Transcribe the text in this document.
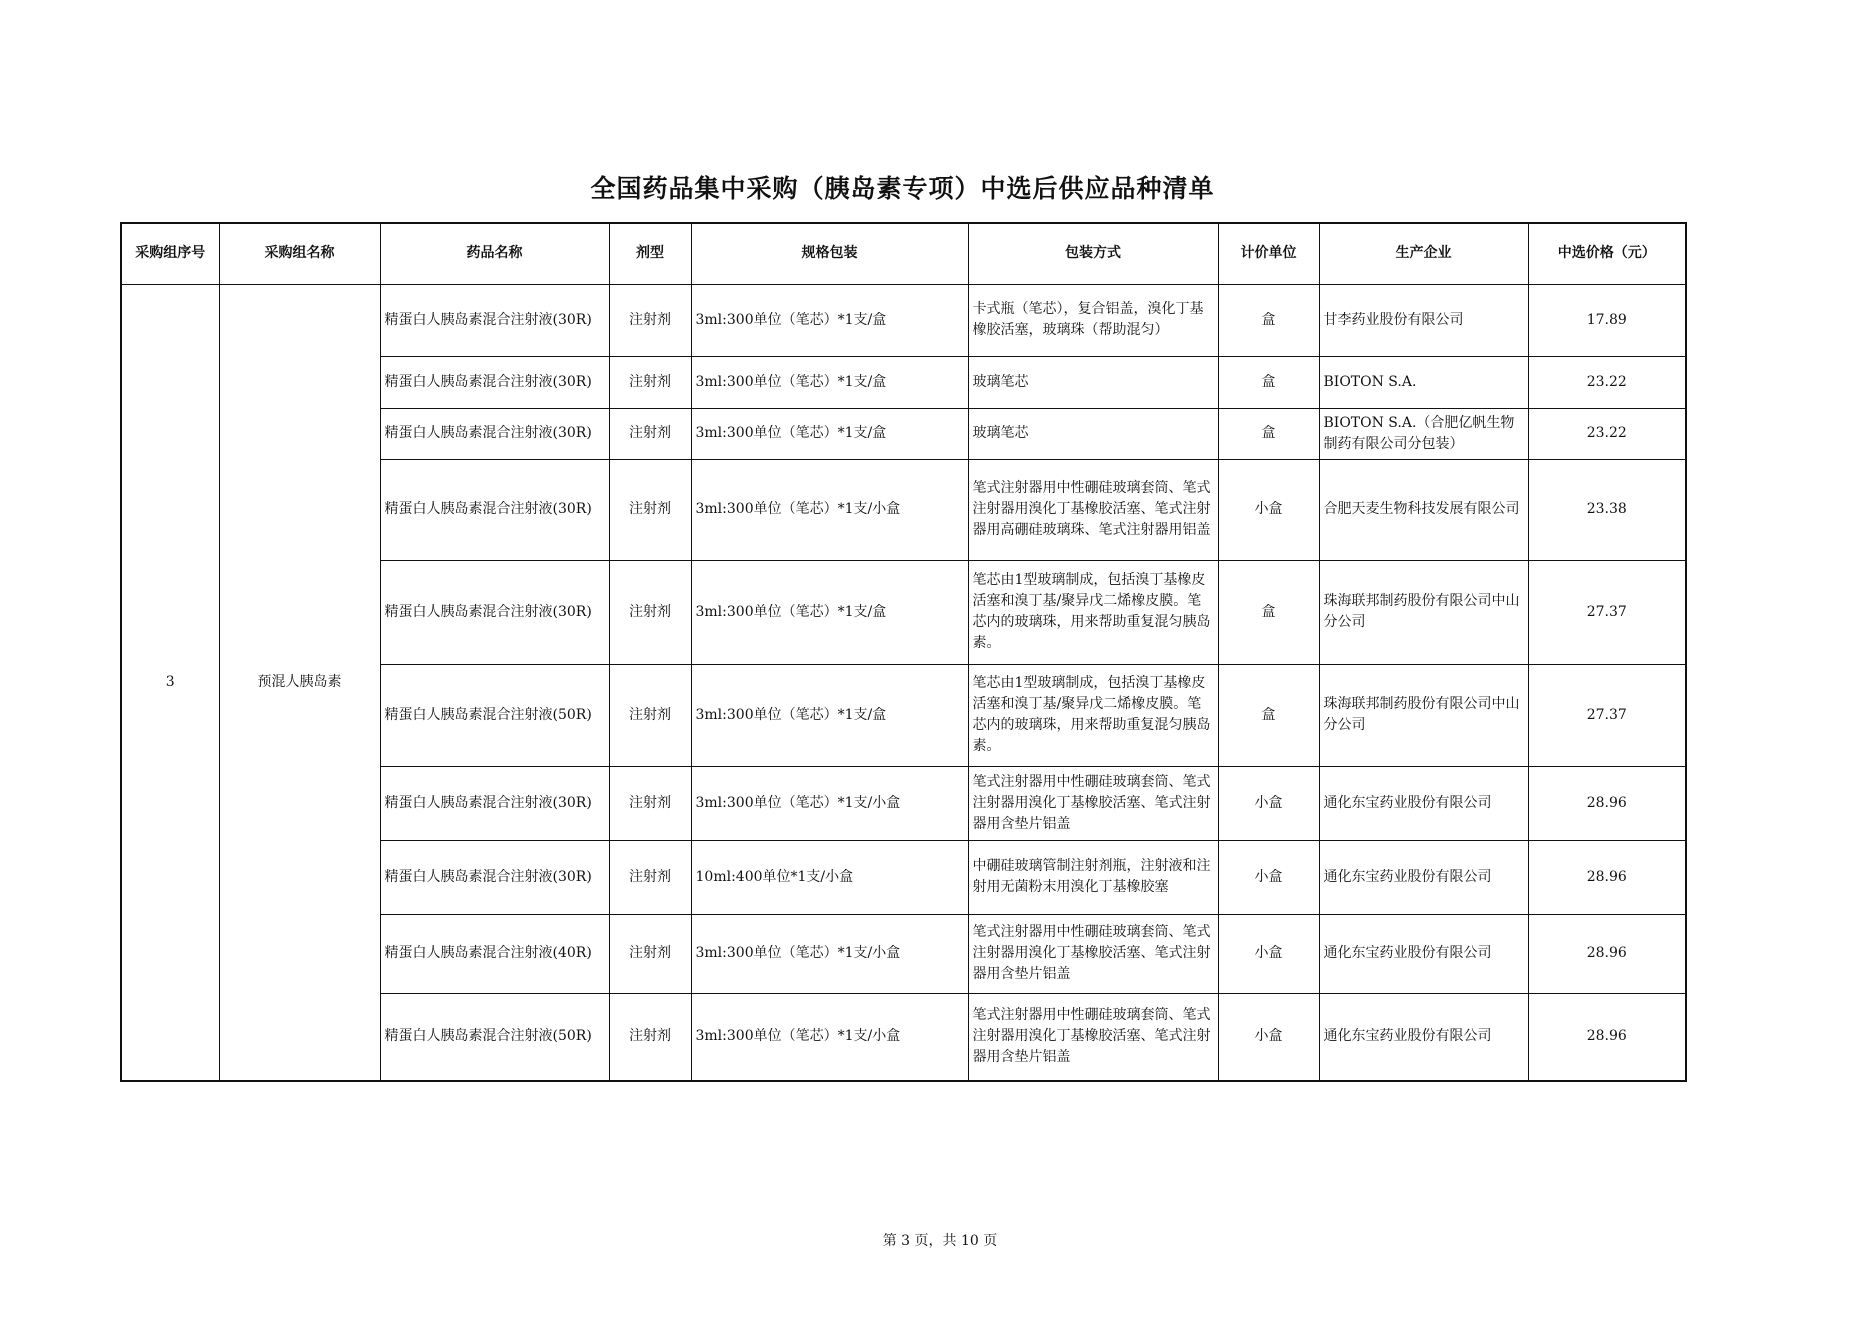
全国药品集中采购（胰岛素专项）中选后供应品种清单
采购组序号	采购组名称	药品名称	剂型	规格包装	包装方式	计价单位	生产企业	中选价格（元）
3	预混人胰岛素	精蛋白人胰岛素混合注射液(30R)	注射剂	3ml:300单位（笔芯）*1支/盒	卡式瓶（笔芯），复合铝盖，溴化丁基橡胶活塞，玻璃珠（帮助混匀）	盒	甘李药业股份有限公司	17.89
		精蛋白人胰岛素混合注射液(30R)	注射剂	3ml:300单位（笔芯）*1支/盒	玻璃笔芯	盒	BIOTON S.A.	23.22
		精蛋白人胰岛素混合注射液(30R)	注射剂	3ml:300单位（笔芯）*1支/盒	玻璃笔芯	盒	BIOTON S.A.（合肥亿帆生物制药有限公司分包装）	23.22
		精蛋白人胰岛素混合注射液(30R)	注射剂	3ml:300单位（笔芯）*1支/小盒	笔式注射器用中性硼硅玻璃套筒、笔式注射器用溴化丁基橡胶活塞、笔式注射器用高硼硅玻璃珠、笔式注射器用铝盖	小盒	合肥天麦生物科技发展有限公司	23.38
		精蛋白人胰岛素混合注射液(30R)	注射剂	3ml:300单位（笔芯）*1支/盒	笔芯由1型玻璃制成，包括溴丁基橡皮活塞和溴丁基/聚异戊二烯橡皮膜。笔芯内的玻璃珠，用来帮助重复混匀胰岛素。	盒	珠海联邦制药股份有限公司中山分公司	27.37
		精蛋白人胰岛素混合注射液(50R)	注射剂	3ml:300单位（笔芯）*1支/盒	笔芯由1型玻璃制成，包括溴丁基橡皮活塞和溴丁基/聚异戊二烯橡皮膜。笔芯内的玻璃珠，用来帮助重复混匀胰岛素。	盒	珠海联邦制药股份有限公司中山分公司	27.37
		精蛋白人胰岛素混合注射液(30R)	注射剂	3ml:300单位（笔芯）*1支/小盒	笔式注射器用中性硼硅玻璃套筒、笔式注射器用溴化丁基橡胶活塞、笔式注射器用含垫片铝盖	小盒	通化东宝药业股份有限公司	28.96
		精蛋白人胰岛素混合注射液(30R)	注射剂	10ml:400单位*1支/小盒	中硼硅玻璃管制注射剂瓶，注射液和注射用无菌粉末用溴化丁基橡胶塞	小盒	通化东宝药业股份有限公司	28.96
		精蛋白人胰岛素混合注射液(40R)	注射剂	3ml:300单位（笔芯）*1支/小盒	笔式注射器用中性硼硅玻璃套筒、笔式注射器用溴化丁基橡胶活塞、笔式注射器用含垫片铝盖	小盒	通化东宝药业股份有限公司	28.96
		精蛋白人胰岛素混合注射液(50R)	注射剂	3ml:300单位（笔芯）*1支/小盒	笔式注射器用中性硼硅玻璃套筒、笔式注射器用溴化丁基橡胶活塞、笔式注射器用含垫片铝盖	小盒	通化东宝药业股份有限公司	28.96
第 3 页，共 10 页
